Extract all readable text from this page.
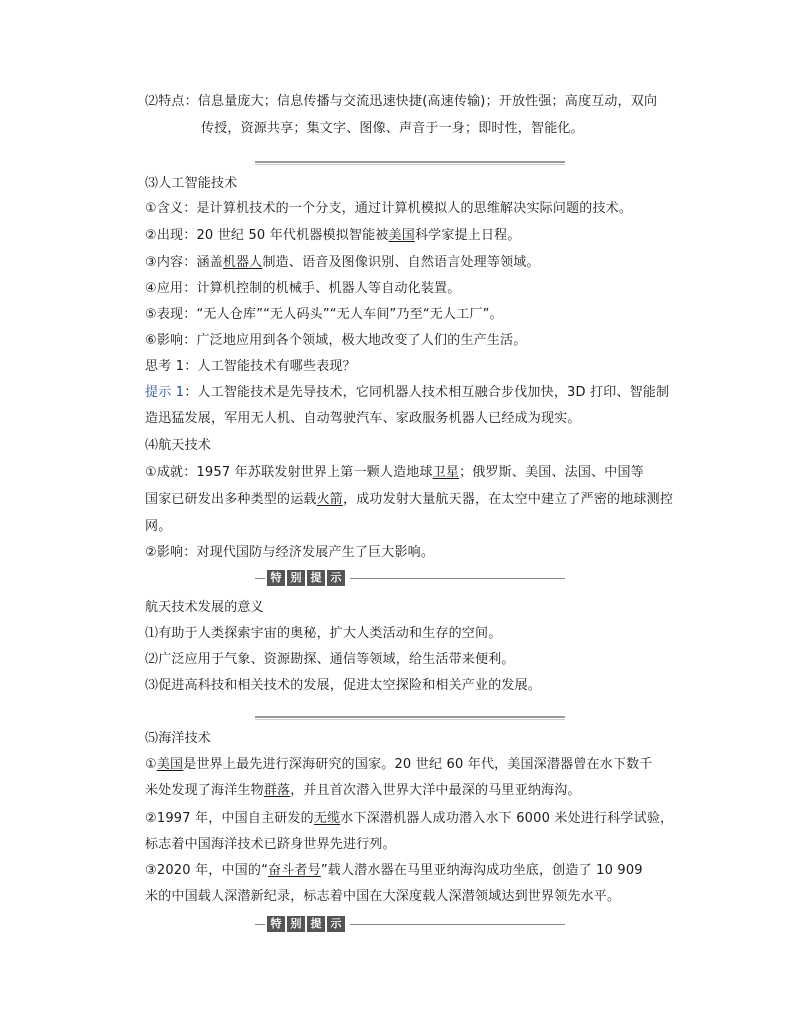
⑵特点：信息量庞大；信息传播与交流迅速快捷(高速传输)；开放性强；高度互动，双向
传授，资源共享；集文字、图像、声音于一身；即时性，智能化。
⑶人工智能技术
①含义：是计算机技术的一个分支，通过计算机模拟人的思维解决实际问题的技术。
②出现：20 世纪 50 年代机器模拟智能被美国科学家提上日程。
③内容：涵盖机器人制造、语音及图像识别、自然语言处理等领域。
④应用：计算机控制的机械手、机器人等自动化装置。
⑤表现：“无人仓库”“无人码头”“无人车间”乃至“无人工厂”。
⑥影响：广泛地应用到各个领域，极大地改变了人们的生产生活。
思考 1：人工智能技术有哪些表现？
提示 1：人工智能技术是先导技术，它同机器人技术相互融合步伐加快，3D 打印、智能制
造迅猛发展，军用无人机、自动驾驶汽车、家政服务机器人已经成为现实。
⑷航天技术
①成就：1957 年苏联发射世界上第一颗人造地球卫星；俄罗斯、美国、法国、中国等
国家已研发出多种类型的运载火箭，成功发射大量航天器，在太空中建立了严密的地球测控
网。
②影响：对现代国防与经济发展产生了巨大影响。
特 别 提 示
航天技术发展的意义
⑴有助于人类探索宇宙的奥秘，扩大人类活动和生存的空间。
⑵广泛应用于气象、资源勘探、通信等领域，给生活带来便利。
⑶促进高科技和相关技术的发展，促进太空探险和相关产业的发展。
⑸海洋技术
①美国是世界上最先进行深海研究的国家。20 世纪 60 年代，美国深潜器曾在水下数千
米处发现了海洋生物群落，并且首次潜入世界大洋中最深的马里亚纳海沟。
②1997 年，中国自主研发的无缆水下深潜机器人成功潜入水下 6000 米处进行科学试验，
标志着中国海洋技术已跻身世界先进行列。
③2020 年，中国的“奋斗者号”载人潜水器在马里亚纳海沟成功坐底，创造了 10 909
米的中国载人深潜新纪录，标志着中国在大深度载人深潜领域达到世界领先水平。
特 别 提 示
